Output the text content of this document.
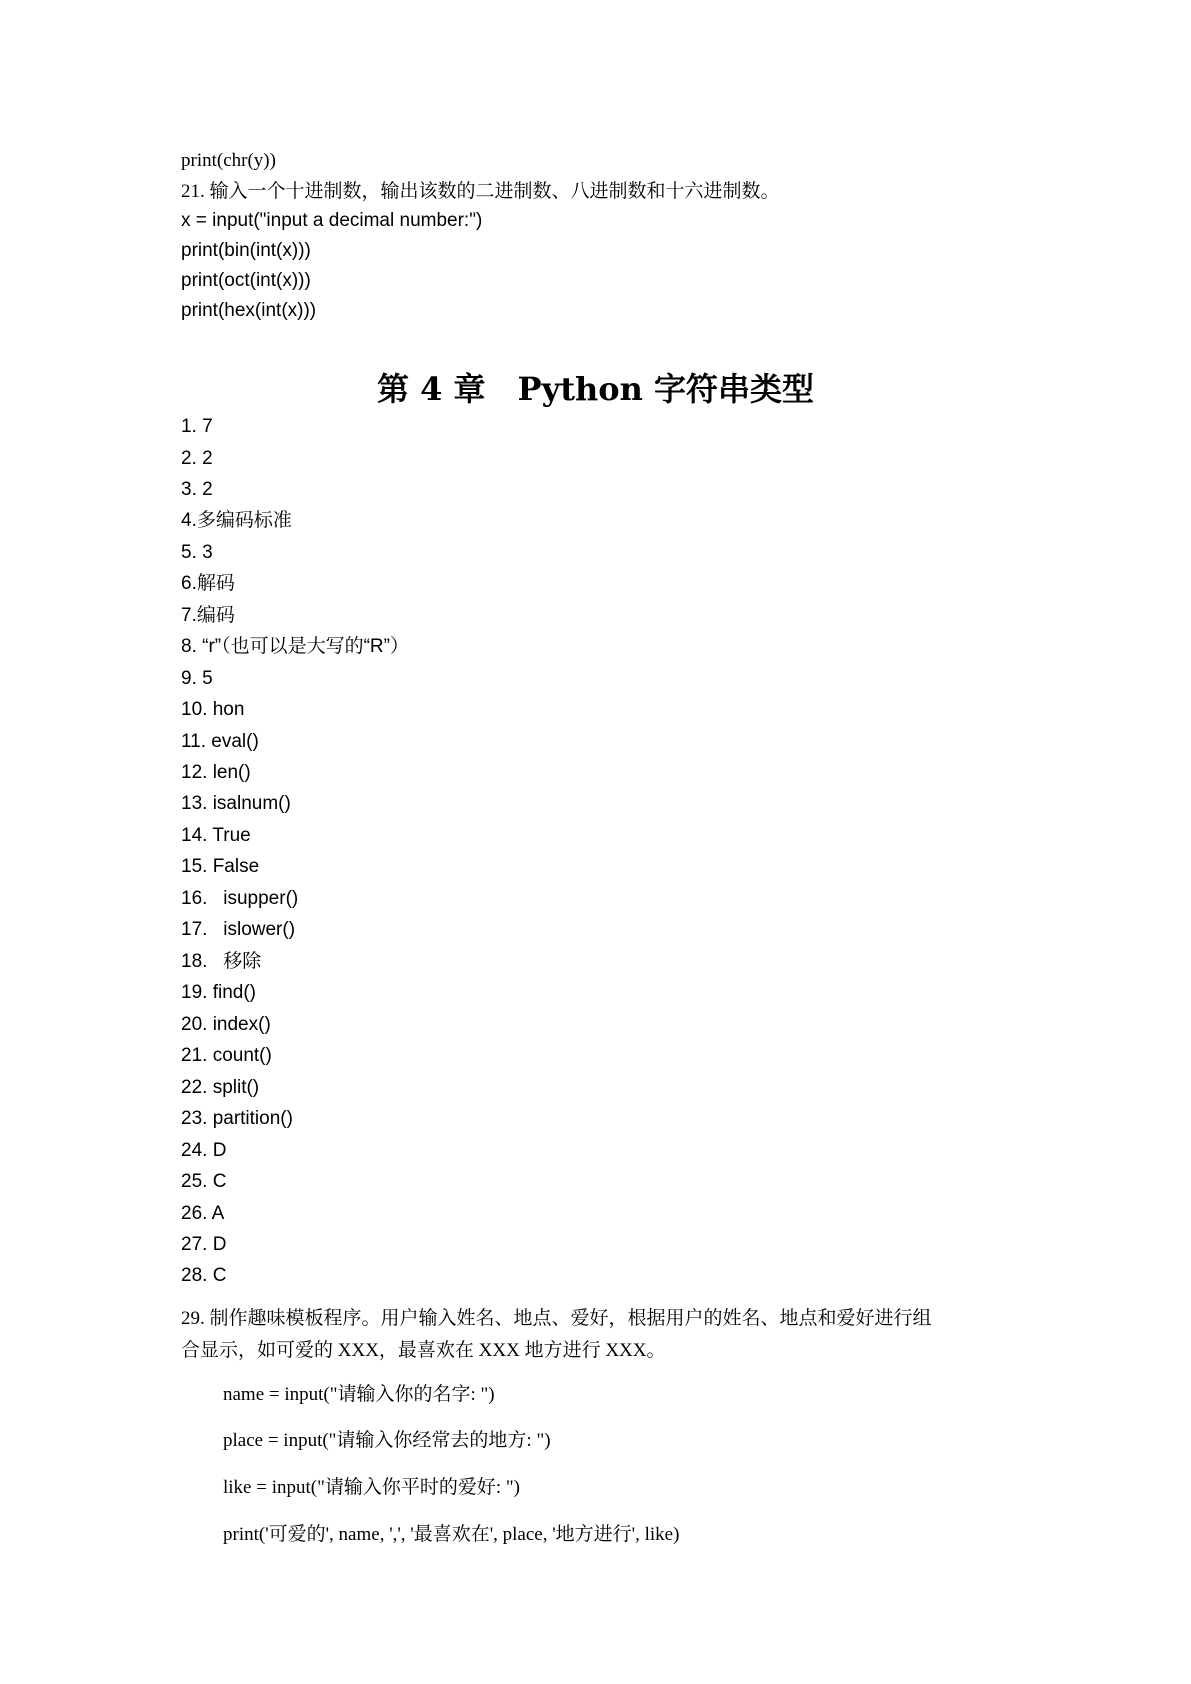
print(chr(y))
21. 输入一个十进制数，输出该数的二进制数、八进制数和十六进制数。
x = input("input a decimal number:")
print(bin(int(x)))
print(oct(int(x)))
print(hex(int(x)))
第 4 章　Python 字符串类型
1. 7
2. 2
3. 2
4.多编码标准
5. 3
6.解码
7.编码
8. “r”（也可以是大写的“R”）
9. 5
10. hon
11. eval()
12. len()
13. isalnum()
14. True
15. False
16.   isupper()
17.   islower()
18.   移除
19. find()
20. index()
21. count()
22. split()
23. partition()
24. D
25. C
26. A
27. D
28. C
29. 制作趣味模板程序。用户输入姓名、地点、爱好，根据用户的姓名、地点和爱好进行组
合显示，如可爱的 XXX，最喜欢在 XXX 地方进行 XXX。
name = input("请输入你的名字: ")
place = input("请输入你经常去的地方: ")
like = input("请输入你平时的爱好: ")
print('可爱的', name, ',', '最喜欢在', place, '地方进行', like)
